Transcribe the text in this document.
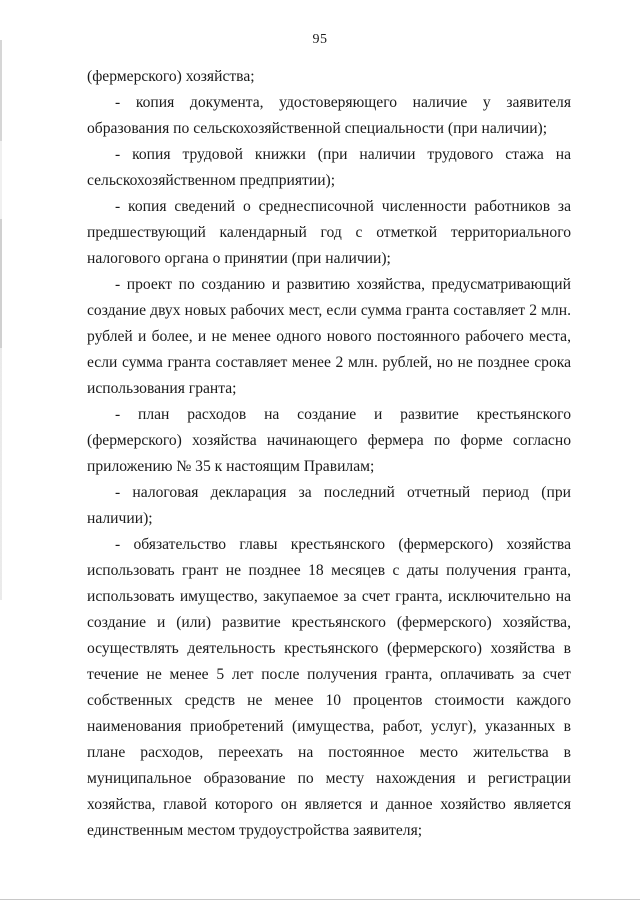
95

(фермерского) хозяйства;

- копия документа, удостоверяющего наличие у заявителя образования по сельскохозяйственной специальности (при наличии);

- копия трудовой книжки (при наличии трудового стажа на сельскохозяйственном предприятии);

- копия сведений о среднесписочной численности работников за предшествующий календарный год с отметкой территориального налогового органа о принятии (при наличии);

- проект по созданию и развитию хозяйства, предусматривающий создание двух новых рабочих мест, если сумма гранта составляет 2 млн. рублей и более, и не менее одного нового постоянного рабочего места, если сумма гранта составляет менее 2 млн. рублей, но не позднее срока использования гранта;

- план расходов на создание и развитие крестьянского (фермерского) хозяйства начинающего фермера по форме согласно приложению № 35 к настоящим Правилам;

- налоговая декларация за последний отчетный период (при наличии);

- обязательство главы крестьянского (фермерского) хозяйства использовать грант не позднее 18 месяцев с даты получения гранта, использовать имущество, закупаемое за счет гранта, исключительно на создание и (или) развитие крестьянского (фермерского) хозяйства, осуществлять деятельность крестьянского (фермерского) хозяйства в течение не менее 5 лет после получения гранта, оплачивать за счет собственных средств не менее 10 процентов стоимости каждого наименования приобретений (имущества, работ, услуг), указанных в плане расходов, переехать на постоянное место жительства в муниципальное образование по месту нахождения и регистрации хозяйства, главой которого он является и данное хозяйство является единственным местом трудоустройства заявителя;
